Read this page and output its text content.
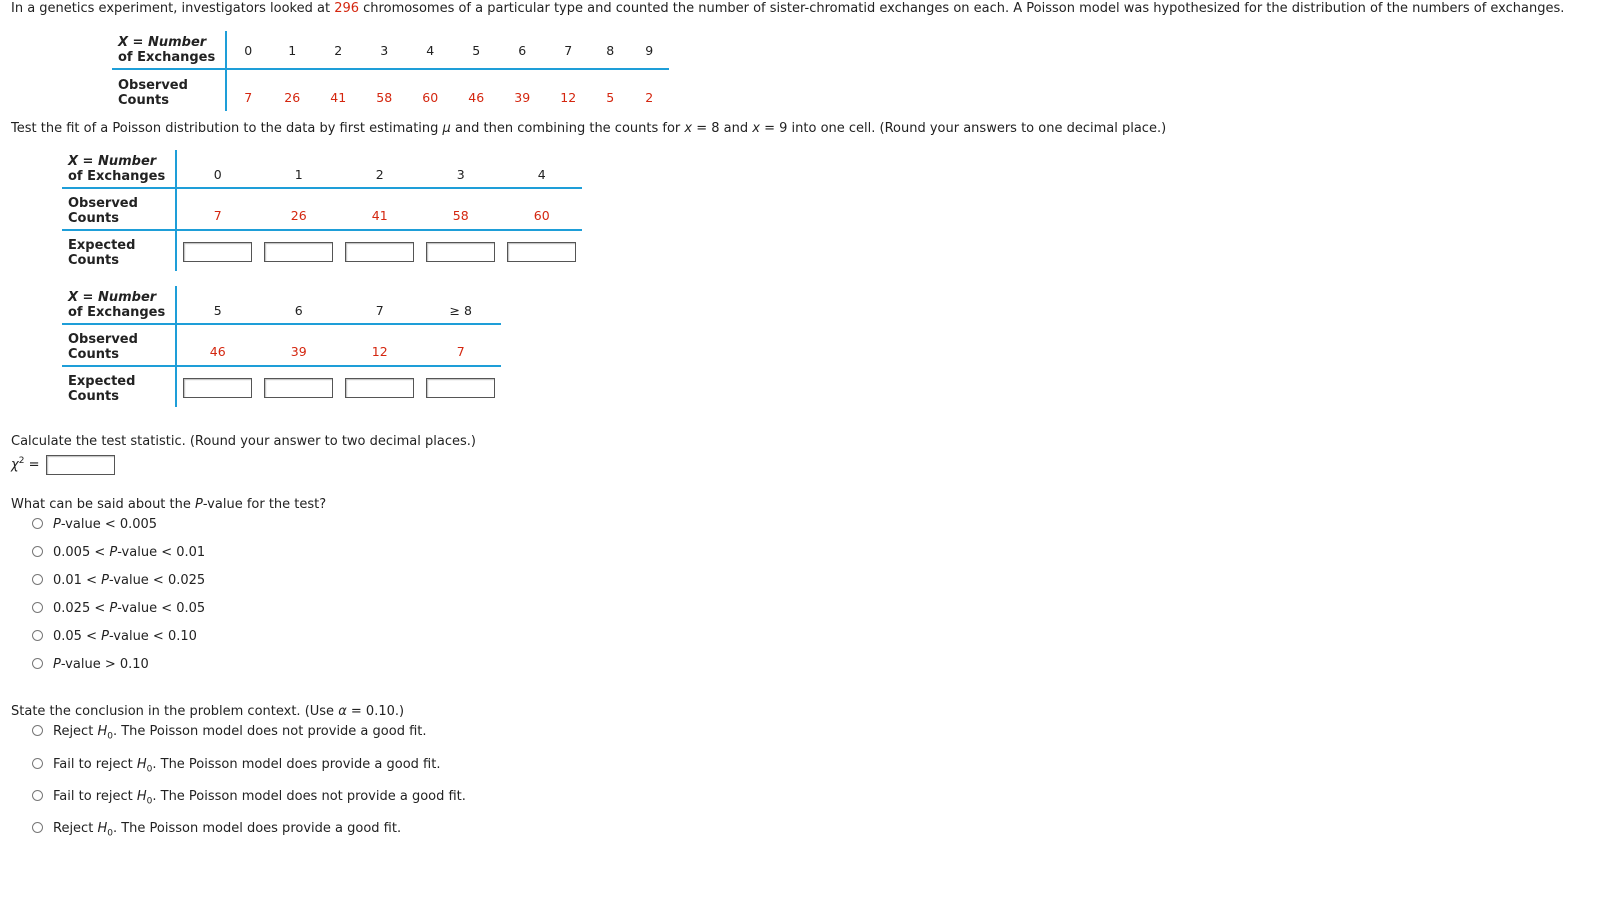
In a genetics experiment, investigators looked at 296 chromosomes of a particular type and counted the number of sister-chromatid exchanges on each. A Poisson model was hypothesized for the distribution of the numbers of exchanges.
X = Number
of Exchanges	0	1	2	3	4	5	6	7	8	9
Observed
Counts	7	26	41	58	60	46	39	12	5	2
Test the fit of a Poisson distribution to the data by first estimating μ and then combining the counts for x = 8 and x = 9 into one cell. (Round your answers to one decimal place.)
X = Number
of Exchanges	0	1	2	3	4
Observed
Counts	7	26	41	58	60
Expected
Counts					
X = Number
of Exchanges	5	6	7	≥ 8
Observed
Counts	46	39	12	7
Expected
Counts				
Calculate the test statistic. (Round your answer to two decimal places.)
$\chi^2$ =
What can be said about the P-value for the test?
P-value < 0.005
0.005 < P-value < 0.01
0.01 < P-value < 0.025
0.025 < P-value < 0.05
0.05 < P-value < 0.10
P-value > 0.10
State the conclusion in the problem context. (Use α = 0.10.)
Reject $H_0$. The Poisson model does not provide a good fit.
Fail to reject $H_0$. The Poisson model does provide a good fit.
Fail to reject $H_0$. The Poisson model does not provide a good fit.
Reject $H_0$. The Poisson model does provide a good fit.
